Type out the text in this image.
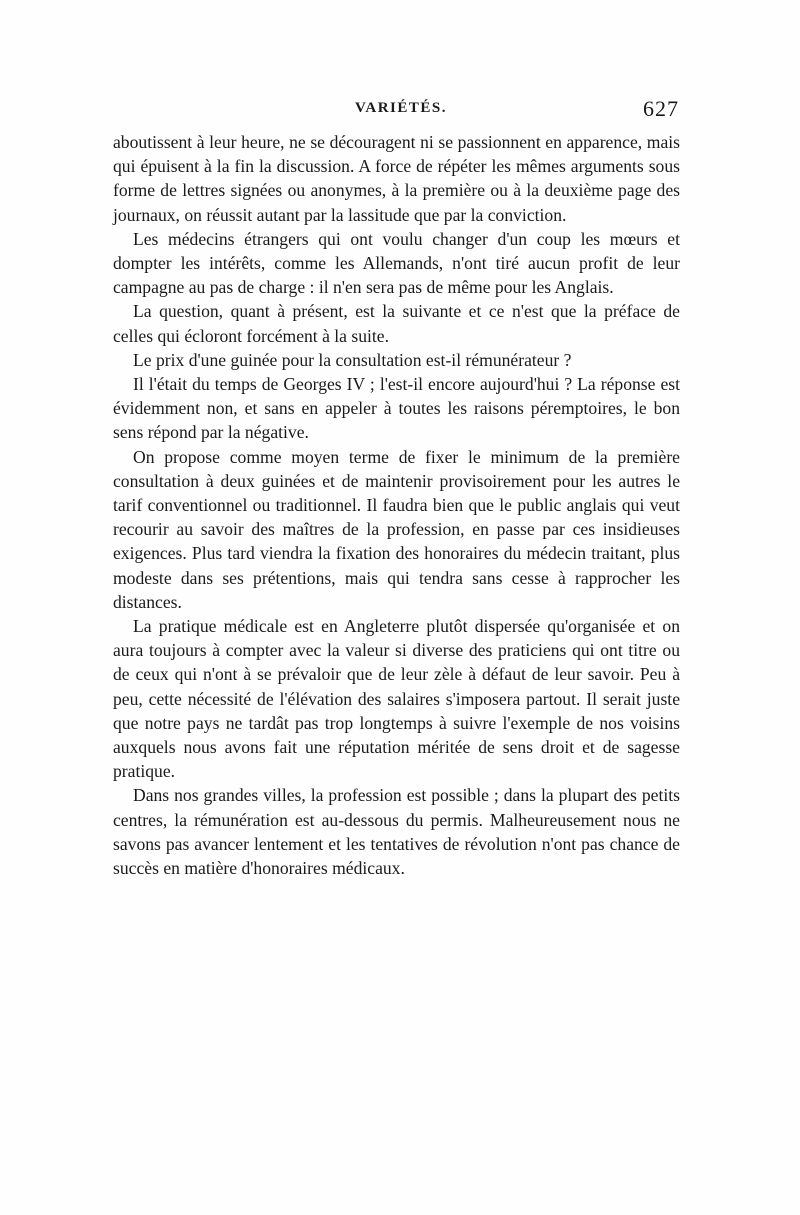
VARIÉTÉS.	627

aboutissent à leur heure, ne se découragent ni se passionnent en apparence, mais qui épuisent à la fin la discussion. A force de répéter les mêmes arguments sous forme de lettres signées ou anonymes, à la première ou à la deuxième page des journaux, on réussit autant par la lassitude que par la conviction.

Les médecins étrangers qui ont voulu changer d'un coup les mœurs et dompter les intérêts, comme les Allemands, n'ont tiré aucun profit de leur campagne au pas de charge : il n'en sera pas de même pour les Anglais.

La question, quant à présent, est la suivante et ce n'est que la préface de celles qui écloront forcément à la suite.

Le prix d'une guinée pour la consultation est-il rémunérateur ?

Il l'était du temps de Georges IV ; l'est-il encore aujourd'hui ? La réponse est évidemment non, et sans en appeler à toutes les raisons péremptoires, le bon sens répond par la négative.

On propose comme moyen terme de fixer le minimum de la première consultation à deux guinées et de maintenir provisoirement pour les autres le tarif conventionnel ou traditionnel. Il faudra bien que le public anglais qui veut recourir au savoir des maîtres de la profession, en passe par ces insidieuses exigences. Plus tard viendra la fixation des honoraires du médecin traitant, plus modeste dans ses prétentions, mais qui tendra sans cesse à rapprocher les distances.

La pratique médicale est en Angleterre plutôt dispersée qu'organisée et on aura toujours à compter avec la valeur si diverse des praticiens qui ont titre ou de ceux qui n'ont à se prévaloir que de leur zèle à défaut de leur savoir. Peu à peu, cette nécessité de l'élévation des salaires s'imposera partout. Il serait juste que notre pays ne tardât pas trop longtemps à suivre l'exemple de nos voisins auxquels nous avons fait une réputation méritée de sens droit et de sagesse pratique.

Dans nos grandes villes, la profession est possible ; dans la plupart des petits centres, la rémunération est au-dessous du permis. Malheureusement nous ne savons pas avancer lentement et les tentatives de révolution n'ont pas chance de succès en matière d'honoraires médicaux.
